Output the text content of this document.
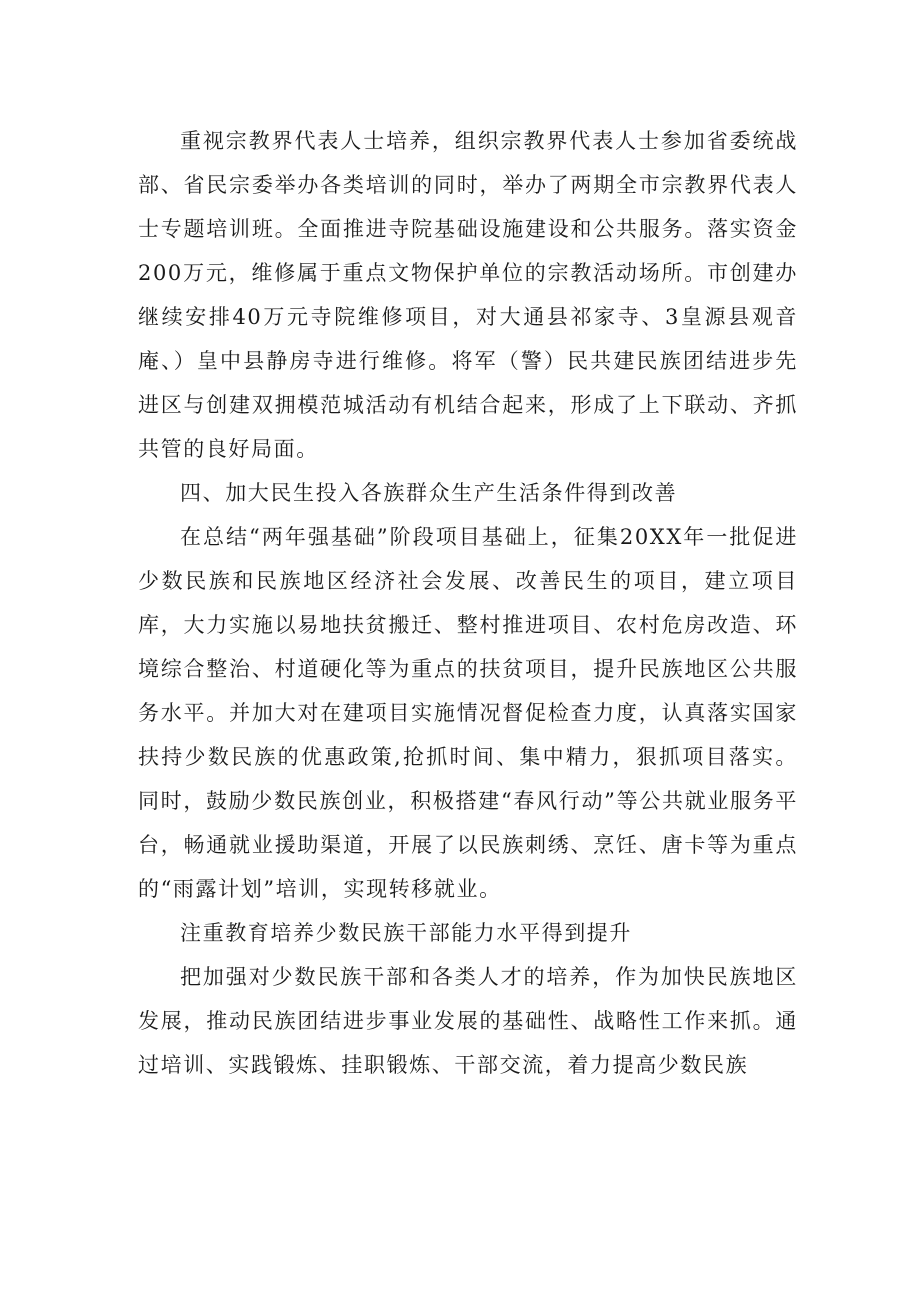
重视宗教界代表人士培养，组织宗教界代表人士参加省委统战部、省民宗委举办各类培训的同时，举办了两期全市宗教界代表人士专题培训班。全面推进寺院基础设施建设和公共服务。落实资金200万元，维修属于重点文物保护单位的宗教活动场所。市创建办继续安排40万元寺院维修项目，对大通县祁家寺、3皇源县观音庵、）皇中县静房寺进行维修。将军（警）民共建民族团结进步先进区与创建双拥模范城活动有机结合起来，形成了上下联动、齐抓共管的良好局面。

四、加大民生投入各族群众生产生活条件得到改善

在总结“两年强基础”阶段项目基础上，征集20XX年一批促进少数民族和民族地区经济社会发展、改善民生的项目，建立项目库，大力实施以易地扶贫搬迁、整村推进项目、农村危房改造、环境综合整治、村道硬化等为重点的扶贫项目，提升民族地区公共服务水平。并加大对在建项目实施情况督促检查力度，认真落实国家扶持少数民族的优惠政策,抢抓时间、集中精力，狠抓项目落实。同时，鼓励少数民族创业，积极搭建“春风行动”等公共就业服务平台，畅通就业援助渠道，开展了以民族刺绣、烹饪、唐卡等为重点的“雨露计划”培训，实现转移就业。

注重教育培养少数民族干部能力水平得到提升

把加强对少数民族干部和各类人才的培养，作为加快民族地区发展，推动民族团结进步事业发展的基础性、战略性工作来抓。通过培训、实践锻炼、挂职锻炼、干部交流，着力提高少数民族
